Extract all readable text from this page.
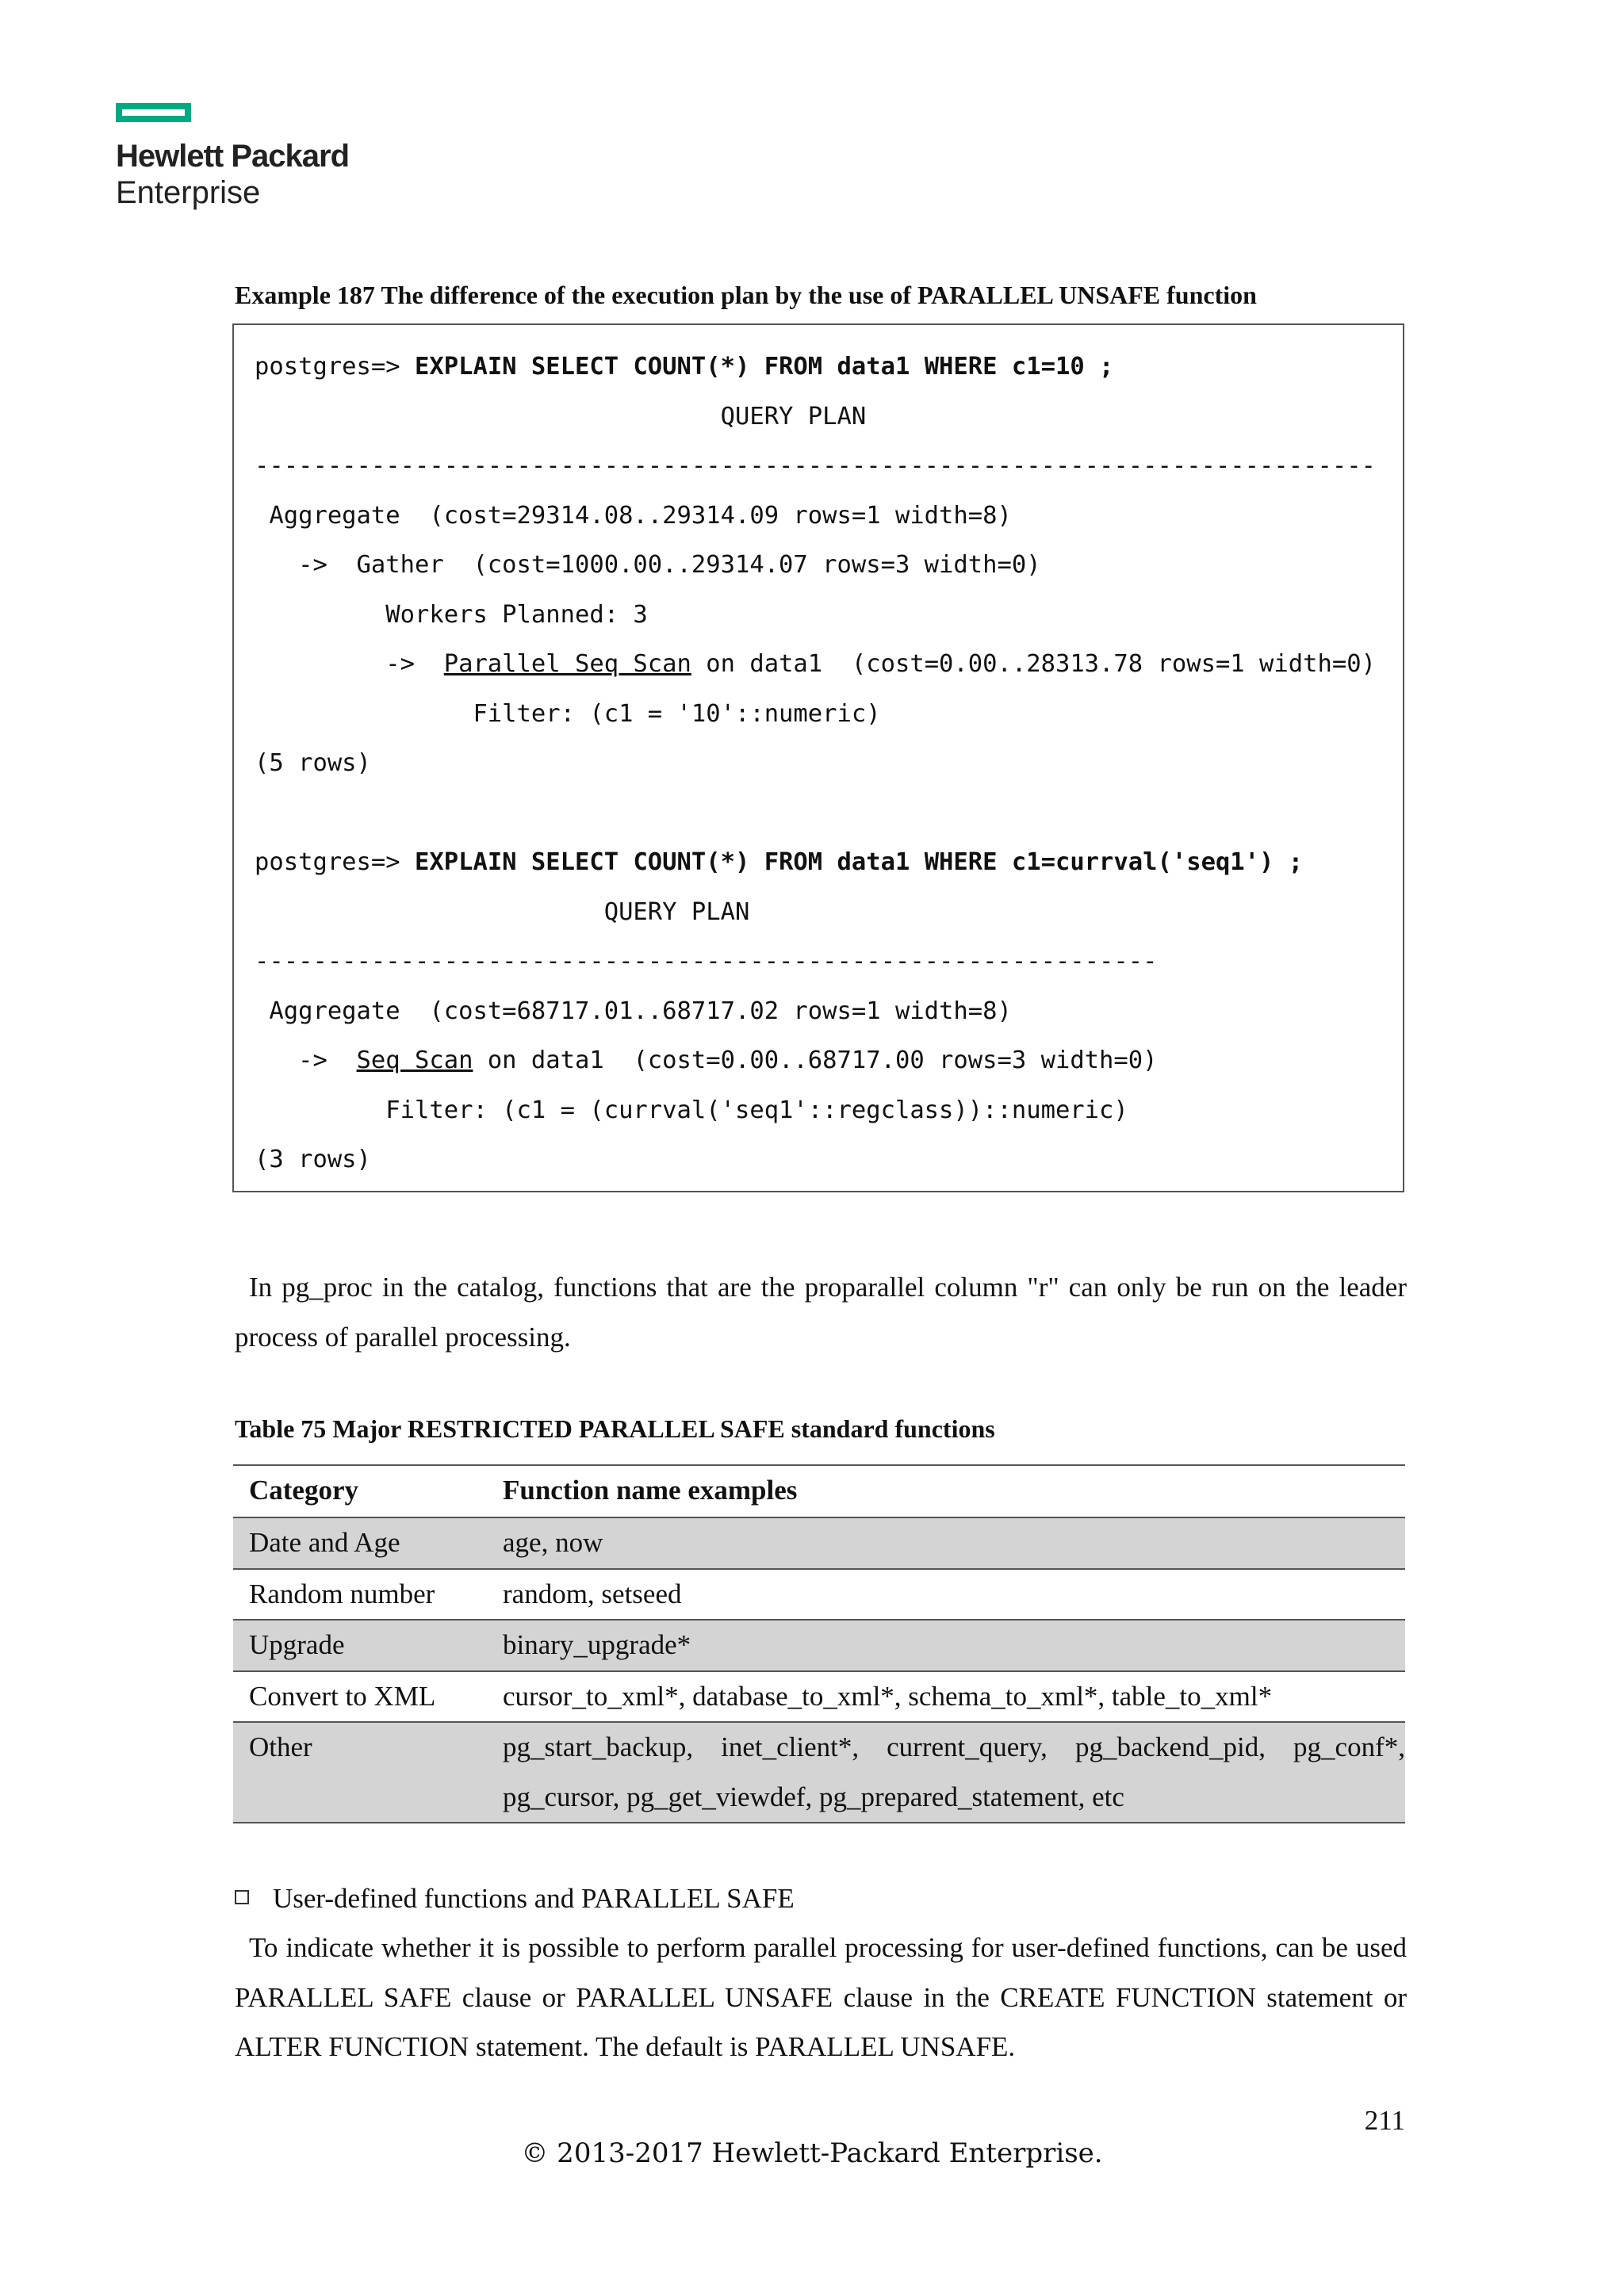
Hewlett Packard
Enterprise
Example 187 The difference of the execution plan by the use of PARALLEL UNSAFE function
postgres=> EXPLAIN SELECT COUNT(*) FROM data1 WHERE c1=10 ;
QUERY PLAN
-----------------------------------------------------------------------------
Aggregate  (cost=29314.08..29314.09 rows=1 width=8)
->  Gather  (cost=1000.00..29314.07 rows=3 width=0)
Workers Planned: 3
->  Parallel Seq Scan on data1  (cost=0.00..28313.78 rows=1 width=0)
Filter: (c1 = '10'::numeric)
(5 rows)

postgres=> EXPLAIN SELECT COUNT(*) FROM data1 WHERE c1=currval('seq1') ;
QUERY PLAN
--------------------------------------------------------------
Aggregate  (cost=68717.01..68717.02 rows=1 width=8)
->  Seq Scan on data1  (cost=0.00..68717.00 rows=3 width=0)
Filter: (c1 = (currval('seq1'::regclass))::numeric)
(3 rows)
In pg_proc in the catalog, functions that are the proparallel column "r" can only be run on the leader process of parallel processing.
Table 75 Major RESTRICTED PARALLEL SAFE standard functions
Category	Function name examples
Date and Age	age, now
Random number	random, setseed
Upgrade	binary_upgrade*
Convert to XML	cursor_to_xml*, database_to_xml*, schema_to_xml*, table_to_xml*
Other	pg_start_backup, inet_client*, current_query, pg_backend_pid, pg_conf*,
pg_cursor, pg_get_viewdef, pg_prepared_statement, etc
User-defined functions and PARALLEL SAFE
To indicate whether it is possible to perform parallel processing for user-defined functions, can be used PARALLEL SAFE clause or PARALLEL UNSAFE clause in the CREATE FUNCTION statement or ALTER FUNCTION statement. The default is PARALLEL UNSAFE.
211
© 2013-2017 Hewlett-Packard Enterprise.
